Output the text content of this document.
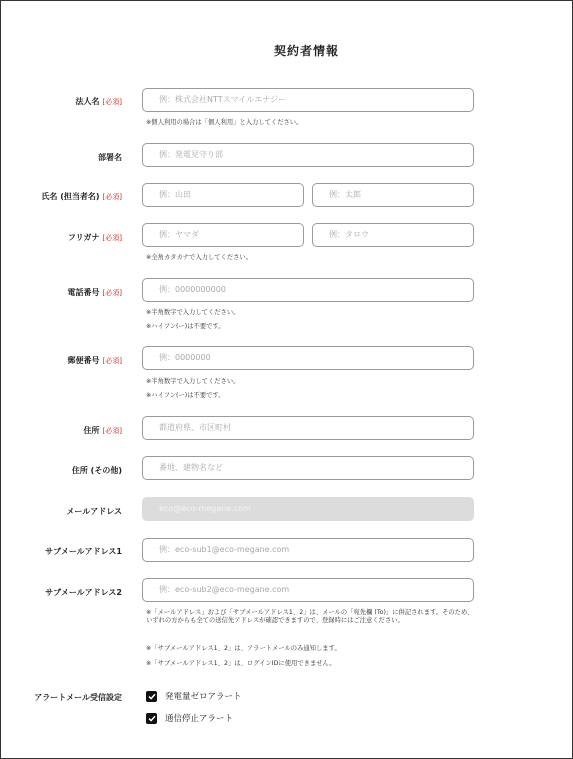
契約者情報
法人名 [必須]	例：株式会社NTTスマイルエナジー
※個人利用の場合は「個人利用」と入力してください。
部署名	例：発電見守り部
氏名 (担当者名) [必須]	例：山田	例：太郎
フリガナ [必須]	例：ヤマダ	例：タロウ
※全角カタカナで入力してください。
電話番号 [必須]	例：0000000000
※半角数字で入力してください。
※ハイフン(ー)は不要です。
郵便番号 [必須]	例：0000000
※半角数字で入力してください。
※ハイフン(ー)は不要です。
住所 [必須]	都道府県、市区町村
住所 (その他)	番地、建物名など
メールアドレス	eco@eco-megane.com
サブメールアドレス1	例：eco-sub1@eco-megane.com
サブメールアドレス2	例：eco-sub2@eco-megane.com
※「メールアドレス」および「サブメールアドレス1、2」は、メールの「宛先欄 (To)」に併記されます。そのため、いずれの方からも全ての送信先アドレスが確認できますので、登録時にはご注意ください。
※「サブメールアドレス1、2」は、アラートメールのみ通知します。
※「サブメールアドレス1、2」は、ログインIDに使用できません。
アラートメール受信設定	発電量ゼロアラート
通信停止アラート
